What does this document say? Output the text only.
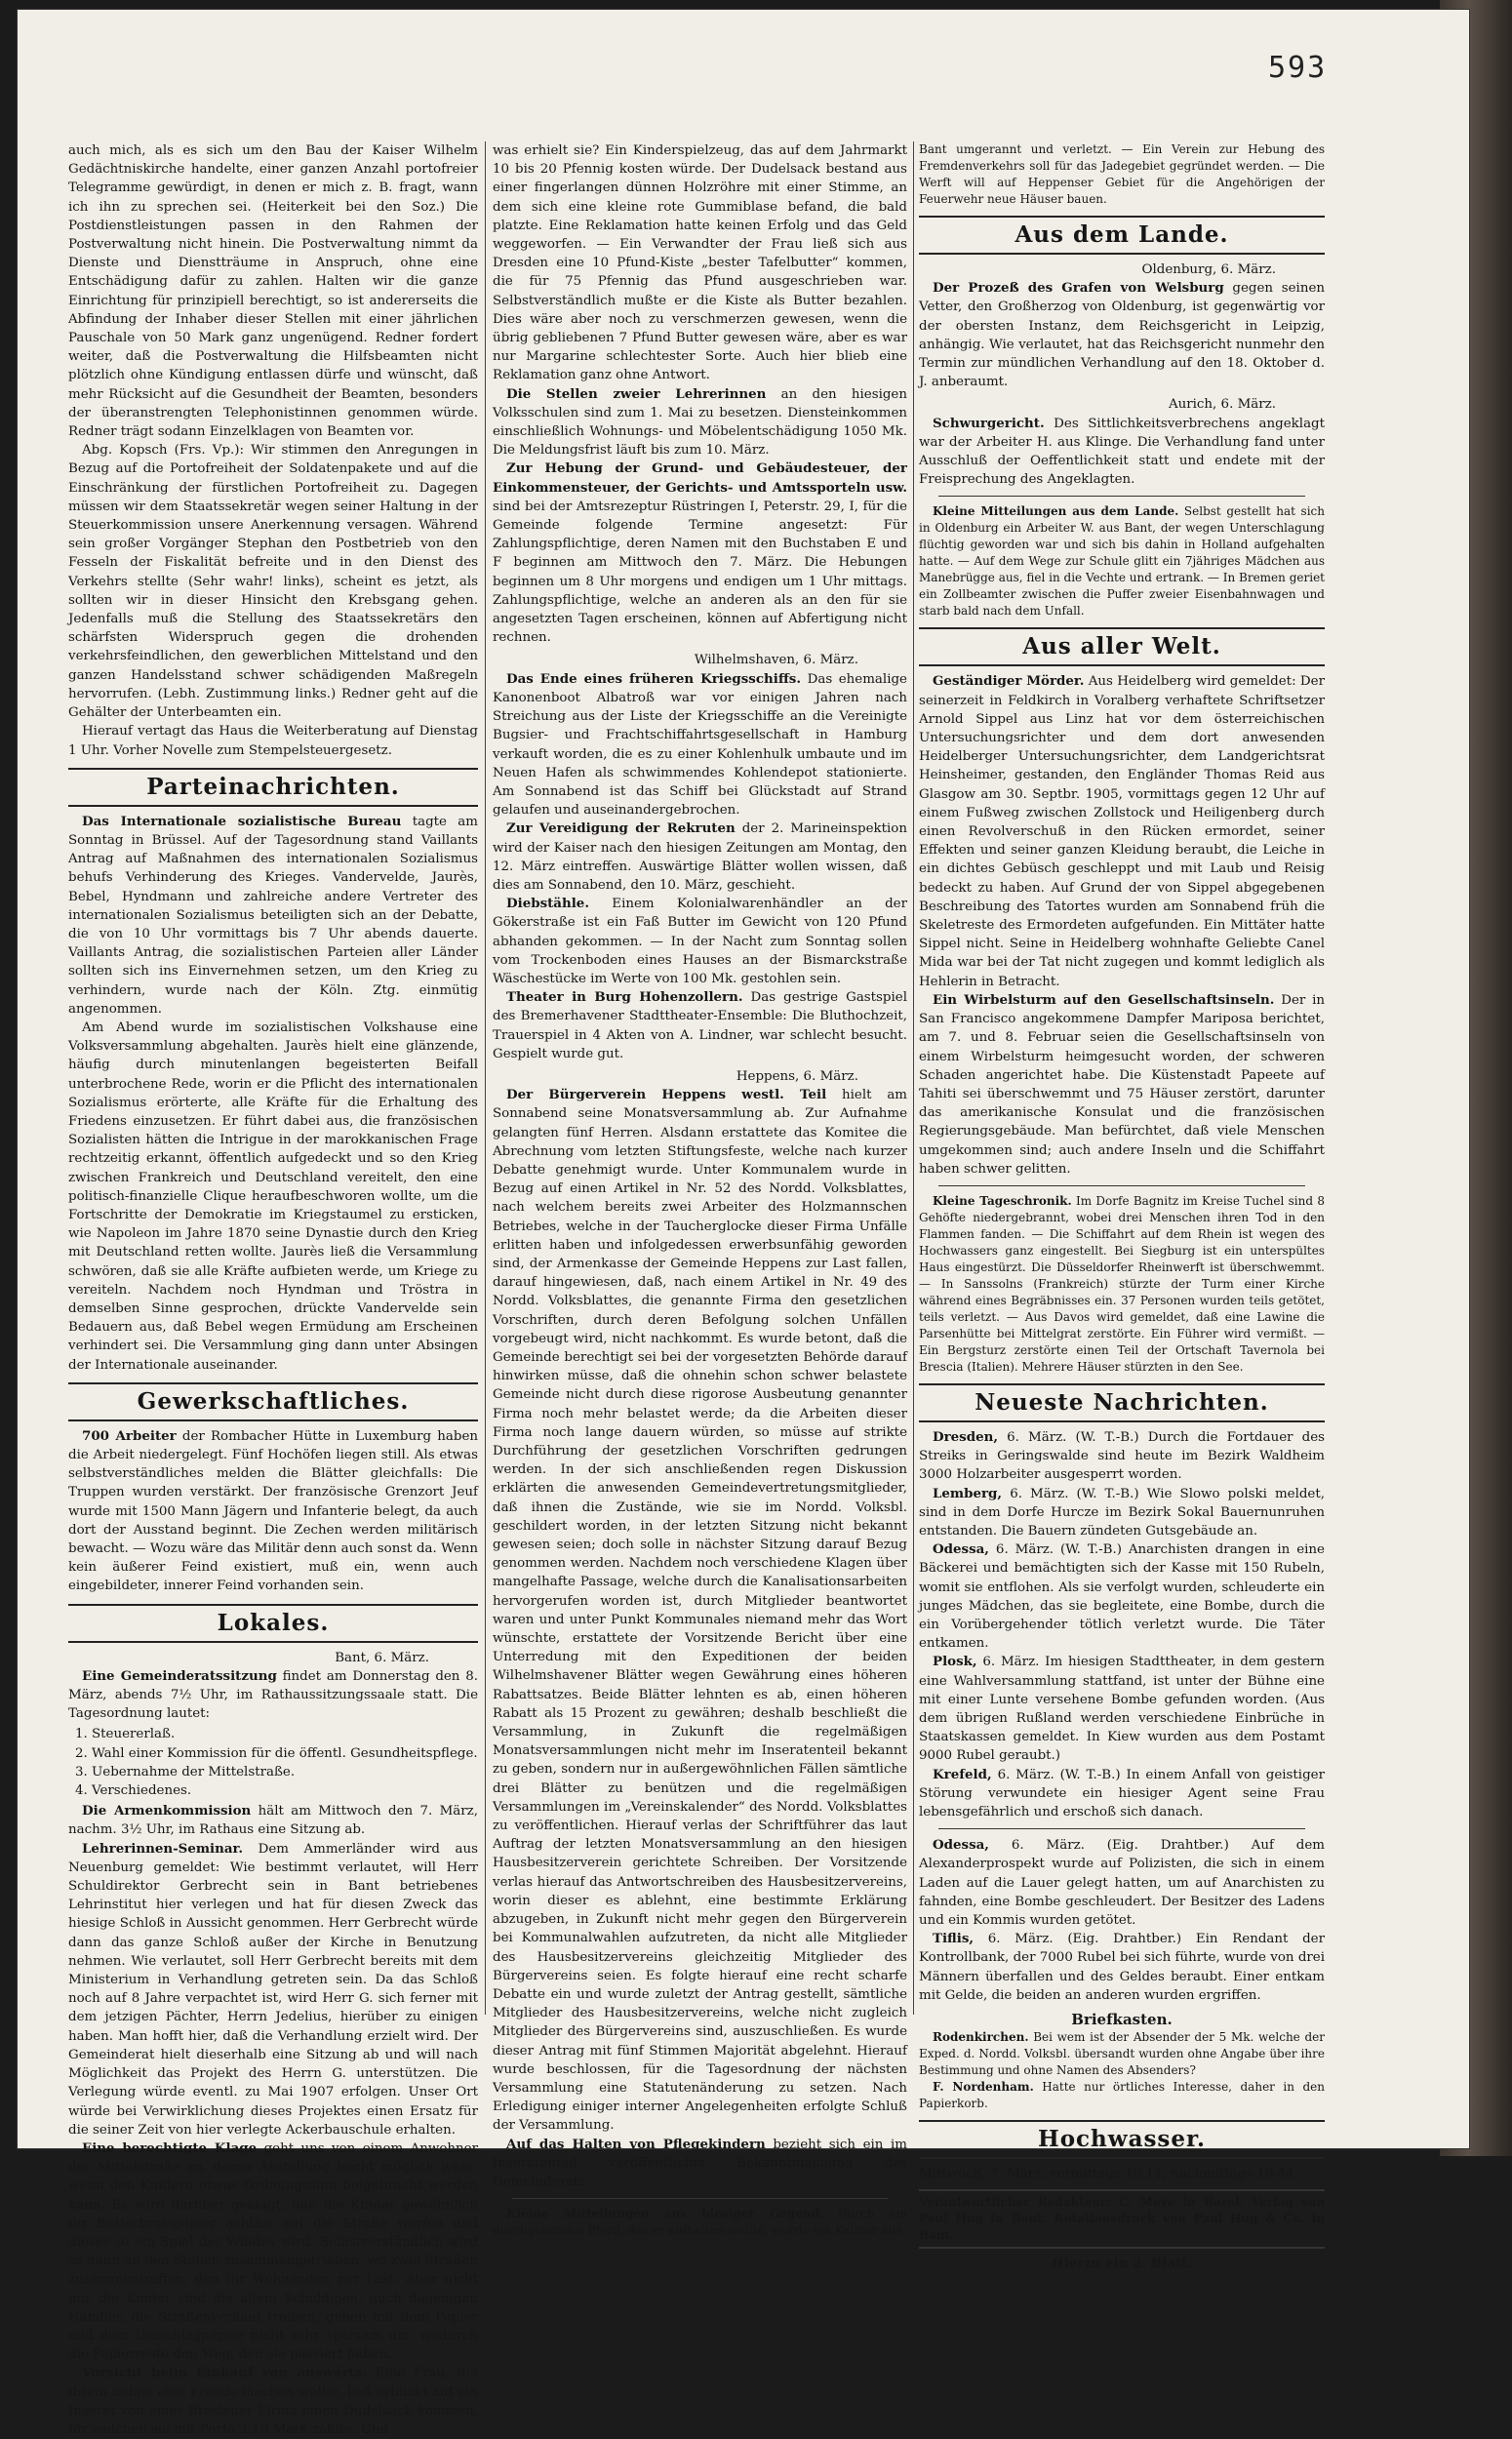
593

auch mich, als es sich um den Bau der Kaiser Wilhelm Gedächtniskirche handelte, einer ganzen Anzahl portofreier Telegramme gewürdigt, in denen er mich z. B. fragt, wann ich ihn zu sprechen sei. (Heiterkeit bei den Soz.) Die Postdienstleistungen passen in den Rahmen der Postverwaltung nicht hinein. Die Postverwaltung nimmt da Dienste und Dienstträume in Anspruch, ohne eine Entschädigung dafür zu zahlen. Halten wir die ganze Einrichtung für prinzipiell berechtigt, so ist andererseits die Abfindung der Inhaber dieser Stellen mit einer jährlichen Pauschale von 50 Mark ganz ungenügend. Redner fordert weiter, daß die Postverwaltung die Hilfsbeamten nicht plötzlich ohne Kündigung entlassen dürfe und wünscht, daß mehr Rücksicht auf die Gesundheit der Beamten, besonders der überanstrengten Telephonistinnen genommen würde. Redner trägt sodann Einzelklagen von Beamten vor.

Abg. Kopsch (Frs. Vp.): Wir stimmen den Anregungen in Bezug auf die Portofreiheit der Soldatenpakete und auf die Einschränkung der fürstlichen Portofreiheit zu. Dagegen müssen wir dem Staatssekretär wegen seiner Haltung in der Steuerkommission unsere Anerkennung versagen. Während sein großer Vorgänger Stephan den Postbetrieb von den Fesseln der Fiskalität befreite und in den Dienst des Verkehrs stellte (Sehr wahr! links), scheint es jetzt, als sollten wir in dieser Hinsicht den Krebsgang gehen. Jedenfalls muß die Stellung des Staatssekretärs den schärfsten Widerspruch gegen die drohenden verkehrsfeindlichen, den gewerblichen Mittelstand und den ganzen Handelsstand schwer schädigenden Maßregeln hervorrufen. (Lebh. Zustimmung links.) Redner geht auf die Gehälter der Unterbeamten ein.

Hierauf vertagt das Haus die Weiterberatung auf Dienstag 1 Uhr. Vorher Novelle zum Stempelsteuergesetz.

Parteinachrichten.

Das Internationale sozialistische Bureau tagte am Sonntag in Brüssel. Auf der Tagesordnung stand Vaillants Antrag auf Maßnahmen des internationalen Sozialismus behufs Verhinderung des Krieges. Vandervelde, Jaurès, Bebel, Hyndmann und zahlreiche andere Vertreter des internationalen Sozialismus beteiligten sich an der Debatte, die von 10 Uhr vormittags bis 7 Uhr abends dauerte. Vaillants Antrag, die sozialistischen Parteien aller Länder sollten sich ins Einvernehmen setzen, um den Krieg zu verhindern, wurde nach der Köln. Ztg. einmütig angenommen.

Am Abend wurde im sozialistischen Volkshause eine Volksversammlung abgehalten. Jaurès hielt eine glänzende, häufig durch minutenlangen begeisterten Beifall unterbrochene Rede, worin er die Pflicht des internationalen Sozialismus erörterte, alle Kräfte für die Erhaltung des Friedens einzusetzen. Er führt dabei aus, die französischen Sozialisten hätten die Intrigue in der marokkanischen Frage rechtzeitig erkannt, öffentlich aufgedeckt und so den Krieg zwischen Frankreich und Deutschland vereitelt, den eine politisch-finanzielle Clique heraufbeschworen wollte, um die Fortschritte der Demokratie im Kriegstaumel zu ersticken, wie Napoleon im Jahre 1870 seine Dynastie durch den Krieg mit Deutschland retten wollte. Jaurès ließ die Versammlung schwören, daß sie alle Kräfte aufbieten werde, um Kriege zu vereiteln. Nachdem noch Hyndman und Tröstra in demselben Sinne gesprochen, drückte Vandervelde sein Bedauern aus, daß Bebel wegen Ermüdung am Erscheinen verhindert sei. Die Versammlung ging dann unter Absingen der Internationale auseinander.

Gewerkschaftliches.

700 Arbeiter der Rombacher Hütte in Luxemburg haben die Arbeit niedergelegt. Fünf Hochöfen liegen still. Als etwas selbstverständliches melden die Blätter gleichfalls: Die Truppen wurden verstärkt. Der französische Grenzort Jeuf wurde mit 1500 Mann Jägern und Infanterie belegt, da auch dort der Ausstand beginnt. Die Zechen werden militärisch bewacht. — Wozu wäre das Militär denn auch sonst da. Wenn kein äußerer Feind existiert, muß ein, wenn auch eingebildeter, innerer Feind vorhanden sein.

Lokales.

Bant, 6. März.

Eine Gemeinderatssitzung findet am Donnerstag den 8. März, abends 7½ Uhr, im Rathaussitzungssaale statt. Die Tagesordnung lautet:

1. Steuererlaß.
2. Wahl einer Kommission für die öffentl. Gesundheitspflege.
3. Uebernahme der Mittelstraße.
4. Verschiedenes.

Die Armenkommission hält am Mittwoch den 7. März, nachm. 3½ Uhr, im Rathaus eine Sitzung ab.

Lehrerinnen-Seminar. Dem Ammerländer wird aus Neuenburg gemeldet: Wie bestimmt verlautet, will Herr Schuldirektor Gerbrecht sein in Bant betriebenes Lehrinstitut hier verlegen und hat für diesen Zweck das hiesige Schloß in Aussicht genommen. Herr Gerbrecht würde dann das ganze Schloß außer der Kirche in Benutzung nehmen. Wie verlautet, soll Herr Gerbrecht bereits mit dem Ministerium in Verhandlung getreten sein. Da das Schloß noch auf 8 Jahre verpachtet ist, wird Herr G. sich ferner mit dem jetzigen Pächter, Herrn Jedelius, hierüber zu einigen haben. Man hofft hier, daß die Verhandlung erzielt wird. Der Gemeinderat hielt dieserhalb eine Sitzung ab und will nach Möglichkeit das Projekt des Herrn G. unterstützen. Die Verlegung würde eventl. zu Mai 1907 erfolgen. Unser Ort würde bei Verwirklichung dieses Projektes einen Ersatz für die seiner Zeit von hier verlegte Ackerbauschule erhalten.

Eine berechtigte Klage geht uns von einem Anwohner der Mittelstraße zu, deren Abstellung leicht möglich wäre, wenn den Kindern etwas Ordnungssinn beigebracht werden kann. Es wird darüber geklagt, daß die Kinder gewöhnlich ihr Butterbrotspapier achtlos auf die Straße werfen und dieses so ein Spiel des Windes wird. Selbstverständlich wird es dann an den Stellen zusammengetrieben, wo zwei Straßen zusammentreffen, den ihr Wohnenden zur Last. Aber nicht nur die Kinder sind die allein Schuldigen, auch diejenigen Händler, die Straßenverkauf treiben, gehen mit dem Papier und dem Umschlagpapier nicht sehr sparsam um, wodurch die Papierreste den Weg, den sie passiert haben.

Vorsicht beim Einkauf von auswärts. Eine Frau, die ihrem Sohne eine Freude machen wollte, ließ erblickt auf ein Inserat von einer Breslauer Firma einen Dudelsack kommen, für welchen sie mit Porto 3,10 Mark zahlte. Und

was erhielt sie? Ein Kinderspielzeug, das auf dem Jahrmarkt 10 bis 20 Pfennig kosten würde. Der Dudelsack bestand aus einer fingerlangen dünnen Holzröhre mit einer Stimme, an dem sich eine kleine rote Gummiblase befand, die bald platzte. Eine Reklamation hatte keinen Erfolg und das Geld weggeworfen. — Ein Verwandter der Frau ließ sich aus Dresden eine 10 Pfund-Kiste „bester Tafelbutter“ kommen, die für 75 Pfennig das Pfund ausgeschrieben war. Selbstverständlich mußte er die Kiste als Butter bezahlen. Dies wäre aber noch zu verschmerzen gewesen, wenn die übrig gebliebenen 7 Pfund Butter gewesen wäre, aber es war nur Margarine schlechtester Sorte. Auch hier blieb eine Reklamation ganz ohne Antwort.

Die Stellen zweier Lehrerinnen an den hiesigen Volksschulen sind zum 1. Mai zu besetzen. Diensteinkommen einschließlich Wohnungs- und Möbelentschädigung 1050 Mk. Die Meldungsfrist läuft bis zum 10. März.

Zur Hebung der Grund- und Gebäudesteuer, der Einkommensteuer, der Gerichts- und Amtssporteln usw. sind bei der Amtsrezeptur Rüstringen I, Peterstr. 29, I, für die Gemeinde folgende Termine angesetzt: Für Zahlungspflichtige, deren Namen mit den Buchstaben E und F beginnen am Mittwoch den 7. März. Die Hebungen beginnen um 8 Uhr morgens und endigen um 1 Uhr mittags. Zahlungspflichtige, welche an anderen als an den für sie angesetzten Tagen erscheinen, können auf Abfertigung nicht rechnen.

Wilhelmshaven, 6. März.

Das Ende eines früheren Kriegsschiffs. Das ehemalige Kanonenboot Albatroß war vor einigen Jahren nach Streichung aus der Liste der Kriegsschiffe an die Vereinigte Bugsier- und Frachtschiffahrtsgesellschaft in Hamburg verkauft worden, die es zu einer Kohlenhulk umbaute und im Neuen Hafen als schwimmendes Kohlendepot stationierte. Am Sonnabend ist das Schiff bei Glückstadt auf Strand gelaufen und auseinandergebrochen.

Zur Vereidigung der Rekruten der 2. Marineinspektion wird der Kaiser nach den hiesigen Zeitungen am Montag, den 12. März eintreffen. Auswärtige Blätter wollen wissen, daß dies am Sonnabend, den 10. März, geschieht.

Diebstähle. Einem Kolonialwarenhändler an der Gökerstraße ist ein Faß Butter im Gewicht von 120 Pfund abhanden gekommen. — In der Nacht zum Sonntag sollen vom Trockenboden eines Hauses an der Bismarckstraße Wäschestücke im Werte von 100 Mk. gestohlen sein.

Theater in Burg Hohenzollern. Das gestrige Gastspiel des Bremerhavener Stadttheater-Ensemble: Die Bluthochzeit, Trauerspiel in 4 Akten von A. Lindner, war schlecht besucht. Gespielt wurde gut.

Heppens, 6. März.

Der Bürgerverein Heppens westl. Teil hielt am Sonnabend seine Monatsversammlung ab. Zur Aufnahme gelangten fünf Herren. Alsdann erstattete das Komitee die Abrechnung vom letzten Stiftungsfeste, welche nach kurzer Debatte genehmigt wurde. Unter Kommunalem wurde in Bezug auf einen Artikel in Nr. 52 des Nordd. Volksblattes, nach welchem bereits zwei Arbeiter des Holzmannschen Betriebes, welche in der Taucherglocke dieser Firma Unfälle erlitten haben und infolgedessen erwerbsunfähig geworden sind, der Armenkasse der Gemeinde Heppens zur Last fallen, darauf hingewiesen, daß, nach einem Artikel in Nr. 49 des Nordd. Volksblattes, die genannte Firma den gesetzlichen Vorschriften, durch deren Befolgung solchen Unfällen vorgebeugt wird, nicht nachkommt. Es wurde betont, daß die Gemeinde berechtigt sei bei der vorgesetzten Behörde darauf hinwirken müsse, daß die ohnehin schon schwer belastete Gemeinde nicht durch diese rigorose Ausbeutung genannter Firma noch mehr belastet werde; da die Arbeiten dieser Firma noch lange dauern würden, so müsse auf strikte Durchführung der gesetzlichen Vorschriften gedrungen werden. In der sich anschließenden regen Diskussion erklärten die anwesenden Gemeindevertretungsmitglieder, daß ihnen die Zustände, wie sie im Nordd. Volksbl. geschildert worden, in der letzten Sitzung nicht bekannt gewesen seien; doch solle in nächster Sitzung darauf Bezug genommen werden. Nachdem noch verschiedene Klagen über mangelhafte Passage, welche durch die Kanalisationsarbeiten hervorgerufen worden ist, durch Mitglieder beantwortet waren und unter Punkt Kommunales niemand mehr das Wort wünschte, erstattete der Vorsitzende Bericht über eine Unterredung mit den Expeditionen der beiden Wilhelmshavener Blätter wegen Gewährung eines höheren Rabattsatzes. Beide Blätter lehnten es ab, einen höheren Rabatt als 15 Prozent zu gewähren; deshalb beschließt die Versammlung, in Zukunft die regelmäßigen Monatsversammlungen nicht mehr im Inseratenteil bekannt zu geben, sondern nur in außergewöhnlichen Fällen sämtliche drei Blätter zu benützen und die regelmäßigen Versammlungen im „Vereinskalender“ des Nordd. Volksblattes zu veröffentlichen. Hierauf verlas der Schriftführer das laut Auftrag der letzten Monatsversammlung an den hiesigen Hausbesitzerverein gerichtete Schreiben. Der Vorsitzende verlas hierauf das Antwortschreiben des Hausbesitzervereins, worin dieser es ablehnt, eine bestimmte Erklärung abzugeben, in Zukunft nicht mehr gegen den Bürgerverein bei Kommunalwahlen aufzutreten, da nicht alle Mitglieder des Hausbesitzervereins gleichzeitig Mitglieder des Bürgervereins seien. Es folgte hierauf eine recht scharfe Debatte ein und wurde zuletzt der Antrag gestellt, sämtliche Mitglieder des Hausbesitzervereins, welche nicht zugleich Mitglieder des Bürgervereins sind, auszuschließen. Es wurde dieser Antrag mit fünf Stimmen Majorität abgelehnt. Hierauf wurde beschlossen, für die Tagesordnung der nächsten Versammlung eine Statutenänderung zu setzen. Nach Erledigung einiger interner Angelegenheiten erfolgte Schluß der Versammlung.

Auf das Halten von Pflegekindern bezieht sich ein im Inseratenteil veröffentlichte Bekanntmachung des Gemeinderats.

Kleine Mitteilungen aus hiesiger Gegend. Durch ein durchgehendes Pferd, das er aufhalten wollte, wurde ein Kellner aus

Bant umgerannt und verletzt. — Ein Verein zur Hebung des Fremdenverkehrs soll für das Jadegebiet gegründet werden. — Die Werft will auf Heppenser Gebiet für die Angehörigen der Feuerwehr neue Häuser bauen.

Aus dem Lande.

Oldenburg, 6. März.

Der Prozeß des Grafen von Welsburg gegen seinen Vetter, den Großherzog von Oldenburg, ist gegenwärtig vor der obersten Instanz, dem Reichsgericht in Leipzig, anhängig. Wie verlautet, hat das Reichsgericht nunmehr den Termin zur mündlichen Verhandlung auf den 18. Oktober d. J. anberaumt.

Aurich, 6. März.

Schwurgericht. Des Sittlichkeitsverbrechens angeklagt war der Arbeiter H. aus Klinge. Die Verhandlung fand unter Ausschluß der Oeffentlichkeit statt und endete mit der Freisprechung des Angeklagten.

Kleine Mitteilungen aus dem Lande. Selbst gestellt hat sich in Oldenburg ein Arbeiter W. aus Bant, der wegen Unterschlagung flüchtig geworden war und sich bis dahin in Holland aufgehalten hatte. — Auf dem Wege zur Schule glitt ein 7jähriges Mädchen aus Manebrügge aus, fiel in die Vechte und ertrank. — In Bremen geriet ein Zollbeamter zwischen die Puffer zweier Eisenbahnwagen und starb bald nach dem Unfall.

Aus aller Welt.

Geständiger Mörder. Aus Heidelberg wird gemeldet: Der seinerzeit in Feldkirch in Voralberg verhaftete Schriftsetzer Arnold Sippel aus Linz hat vor dem österreichischen Untersuchungsrichter und dem dort anwesenden Heidelberger Untersuchungsrichter, dem Landgerichtsrat Heinsheimer, gestanden, den Engländer Thomas Reid aus Glasgow am 30. Septbr. 1905, vormittags gegen 12 Uhr auf einem Fußweg zwischen Zollstock und Heiligenberg durch einen Revolverschuß in den Rücken ermordet, seiner Effekten und seiner ganzen Kleidung beraubt, die Leiche in ein dichtes Gebüsch geschleppt und mit Laub und Reisig bedeckt zu haben. Auf Grund der von Sippel abgegebenen Beschreibung des Tatortes wurden am Sonnabend früh die Skeletreste des Ermordeten aufgefunden. Ein Mittäter hatte Sippel nicht. Seine in Heidelberg wohnhafte Geliebte Canel Mida war bei der Tat nicht zugegen und kommt lediglich als Hehlerin in Betracht.

Ein Wirbelsturm auf den Gesellschaftsinseln. Der in San Francisco angekommene Dampfer Mariposa berichtet, am 7. und 8. Februar seien die Gesellschaftsinseln von einem Wirbelsturm heimgesucht worden, der schweren Schaden angerichtet habe. Die Küstenstadt Papeete auf Tahiti sei überschwemmt und 75 Häuser zerstört, darunter das amerikanische Konsulat und die französischen Regierungsgebäude. Man befürchtet, daß viele Menschen umgekommen sind; auch andere Inseln und die Schiffahrt haben schwer gelitten.

Kleine Tageschronik. Im Dorfe Bagnitz im Kreise Tuchel sind 8 Gehöfte niedergebrannt, wobei drei Menschen ihren Tod in den Flammen fanden. — Die Schiffahrt auf dem Rhein ist wegen des Hochwassers ganz eingestellt. Bei Siegburg ist ein unterspültes Haus eingestürzt. Die Düsseldorfer Rheinwerft ist überschwemmt. — In Sanssolns (Frankreich) stürzte der Turm einer Kirche während eines Begräbnisses ein. 37 Personen wurden teils getötet, teils verletzt. — Aus Davos wird gemeldet, daß eine Lawine die Parsenhütte bei Mittelgrat zerstörte. Ein Führer wird vermißt. — Ein Bergsturz zerstörte einen Teil der Ortschaft Tavernola bei Brescia (Italien). Mehrere Häuser stürzten in den See.

Neueste Nachrichten.

Dresden, 6. März. (W. T.-B.) Durch die Fortdauer des Streiks in Geringswalde sind heute im Bezirk Waldheim 3000 Holzarbeiter ausgesperrt worden.

Lemberg, 6. März. (W. T.-B.) Wie Slowo polski meldet, sind in dem Dorfe Hurcze im Bezirk Sokal Bauernunruhen entstanden. Die Bauern zündeten Gutsgebäude an.

Odessa, 6. März. (W. T.-B.) Anarchisten drangen in eine Bäckerei und bemächtigten sich der Kasse mit 150 Rubeln, womit sie entflohen. Als sie verfolgt wurden, schleuderte ein junges Mädchen, das sie begleitete, eine Bombe, durch die ein Vorübergehender tötlich verletzt wurde. Die Täter entkamen.

Plosk, 6. März. Im hiesigen Stadttheater, in dem gestern eine Wahlversammlung stattfand, ist unter der Bühne eine mit einer Lunte versehene Bombe gefunden worden. (Aus dem übrigen Rußland werden verschiedene Einbrüche in Staatskassen gemeldet. In Kiew wurden aus dem Postamt 9000 Rubel geraubt.)

Krefeld, 6. März. (W. T.-B.) In einem Anfall von geistiger Störung verwundete ein hiesiger Agent seine Frau lebensgefährlich und erschoß sich danach.

Odessa, 6. März. (Eig. Drahtber.) Auf dem Alexanderprospekt wurde auf Polizisten, die sich in einem Laden auf die Lauer gelegt hatten, um auf Anarchisten zu fahnden, eine Bombe geschleudert. Der Besitzer des Ladens und ein Kommis wurden getötet.

Tiflis, 6. März. (Eig. Drahtber.) Ein Rendant der Kontrollbank, der 7000 Rubel bei sich führte, wurde von drei Männern überfallen und des Geldes beraubt. Einer entkam mit Gelde, die beiden an anderen wurden ergriffen.

Briefkasten.

Rodenkirchen. Bei wem ist der Absender der 5 Mk. welche der Exped. d. Nordd. Volksbl. übersandt wurden ohne Angabe über ihre Bestimmung und ohne Namen des Absenders?

F. Nordenham. Hatte nur örtliches Interesse, daher in den Papierkorb.

Hochwasser.

Mittwoch, 7. März: vormittags 10.11, nachmittags 10.44

Verantwortlicher Redakteur: C. Meye in Barel. Verlag von Paul Hug in Bant. Rotationsdruck von Paul Hug & Co. in Bant.

Hierzu ein 2. Blatt.
